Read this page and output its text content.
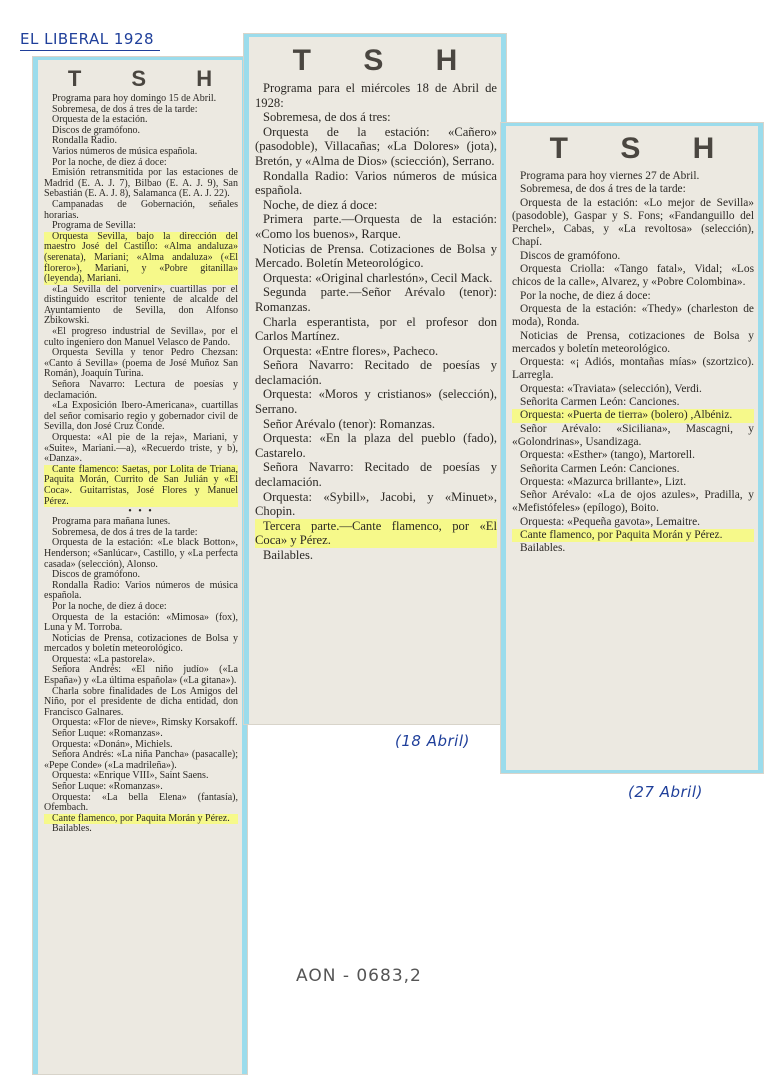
EL LIBERAL 1928
T S H

Programa para hoy domingo 15 de Abril.

Sobremesa, de dos á tres de la tarde:

Orquesta de la estación.

Discos de gramófono.

Rondalla Radio.

Varios números de música española.

Por la noche, de diez á doce:

Emisión retransmitida por las estaciones de Madrid (E. A. J. 7), Bilbao (E. A. J. 9), San Sebastián (E. A. J. 8), Salamanca (E. A. J. 22).

Campanadas de Gobernación, señales horarias.

Programa de Sevilla:

Orquesta Sevilla, bajo la dirección del maestro José del Castillo: «Alma andaluza» (serenata), Mariani; «Alma andaluza» («El florero»), Mariani, y «Pobre gitanilla» (leyenda), Mariani.

«La Sevilla del porvenir», cuartillas por el distinguido escritor teniente de alcalde del Ayuntamiento de Sevilla, don Alfonso Zbikowski.

«El progreso industrial de Sevilla», por el culto ingeniero don Manuel Velasco de Pando.

Orquesta Sevilla y tenor Pedro Chezsan: «Canto á Sevilla» (poema de José Muñoz San Román), Joaquín Turina.

Señora Navarro: Lectura de poesías y declamación.

«La Exposición Ibero-Americana», cuartillas del señor comisario regio y gobernador civil de Sevilla, don José Cruz Conde.

Orquesta: «Al pie de la reja», Mariani, y «Suite», Mariani.—a), «Recuerdo triste, y b), «Danza».

Cante flamenco: Saetas, por Lolita de Triana, Paquita Morán, Currito de San Julián y «El Coca». Guitarristas, José Flores y Manuel Pérez.

• • •

Programa para mañana lunes.

Sobremesa, de dos á tres de la tarde:

Orquesta de la estación: «Le black Botton», Henderson; «Sanlúcar», Castillo, y «La perfecta casada» (selección), Alonso.

Discos de gramófono.

Rondalla Radio: Varios números de música española.

Por la noche, de diez á doce:

Orquesta de la estación: «Mimosa» (fox), Luna y M. Torroba.

Noticias de Prensa, cotizaciones de Bolsa y mercados y boletín meteorológico.

Orquesta: «La pastorela».

Señora Andrés: «El niño judío» («La España») y «La última española» («La gitana»).

Charla sobre finalidades de Los Amigos del Niño, por el presidente de dicha entidad, don Francisco Galnares.

Orquesta: «Flor de nieve», Rimsky Korsakoff.

Señor Luque: «Romanzas».

Orquesta: «Donán», Michiels.

Señora Andrés: «La niña Pancha» (pasacalle); «Pepe Conde» («La madrileña»).

Orquesta: «Enrique VIII», Saint Saens.

Señor Luque: «Romanzas».

Orquesta: «La bella Elena» (fantasía), Ofembach.

Cante flamenco, por Paquita Morán y Pérez.

Bailables.

T S H

Programa para el miércoles 18 de Abril de 1928:

Sobremesa, de dos á tres:

Orquesta de la estación: «Cañero» (pasodoble), Villacañas; «La Dolores» (jota), Bretón, y «Alma de Dios» (sciección), Serrano.

Rondalla Radio: Varios números de música española.

Noche, de diez á doce:

Primera parte.—Orquesta de la estación: «Como los buenos», Rarque.

Noticias de Prensa. Cotizaciones de Bolsa y Mercado. Boletín Meteorológico.

Orquesta: «Original charlestón», Cecil Mack.

Segunda parte.—Señor Arévalo (tenor): Romanzas.

Charla esperantista, por el profesor don Carlos Martínez.

Orquesta: «Entre flores», Pacheco.

Señora Navarro: Recitado de poesías y declamación.

Orquesta: «Moros y cristianos» (selección), Serrano.

Señor Arévalo (tenor): Romanzas.

Orquesta: «En la plaza del pueblo (fado), Castarelo.

Señora Navarro: Recitado de poesías y declamación.

Orquesta: «Sybill», Jacobi, y «Minuet», Chopin.

Tercera parte.—Cante flamenco, por «El Coca» y Pérez.

Bailables.

T S H

Programa para hoy viernes 27 de Abril.

Sobremesa, de dos á tres de la tarde:

Orquesta de la estación: «Lo mejor de Sevilla» (pasodoble), Gaspar y S. Fons; «Fandanguillo del Perchel», Cabas, y «La revoltosa» (selección), Chapí.

Discos de gramófono.

Orquesta Criolla: «Tango fatal», Vidal; «Los chicos de la calle», Alvarez, y «Pobre Colombina».

Por la noche, de diez á doce:

Orquesta de la estación: «Thedy» (charleston de moda), Ronda.

Noticias de Prensa, cotizaciones de Bolsa y mercados y boletín meteorológico.

Orquesta: «¡ Adiós, montañas mías» (szortzico). Larregla.

Orquesta: «Traviata» (selección), Verdi.

Señorita Carmen León: Canciones.

Orquesta: «Puerta de tierra» (bolero) ,Albéniz.

Señor Arévalo: «Siciliana», Mascagni, y «Golondrinas», Usandizaga.

Orquesta: «Esther» (tango), Martorell.

Señorita Carmen León: Canciones.

Orquesta: «Mazurca brillante», Lizt.

Señor Arévalo: «La de ojos azules», Pradilla, y «Mefistófeles» (epílogo), Boito.

Orquesta: «Pequeña gavota», Lemaitre.

Cante flamenco, por Paquita Morán y Pérez.

Bailables.

(18 Abril)
(27 Abril)
AON - 0683,2
